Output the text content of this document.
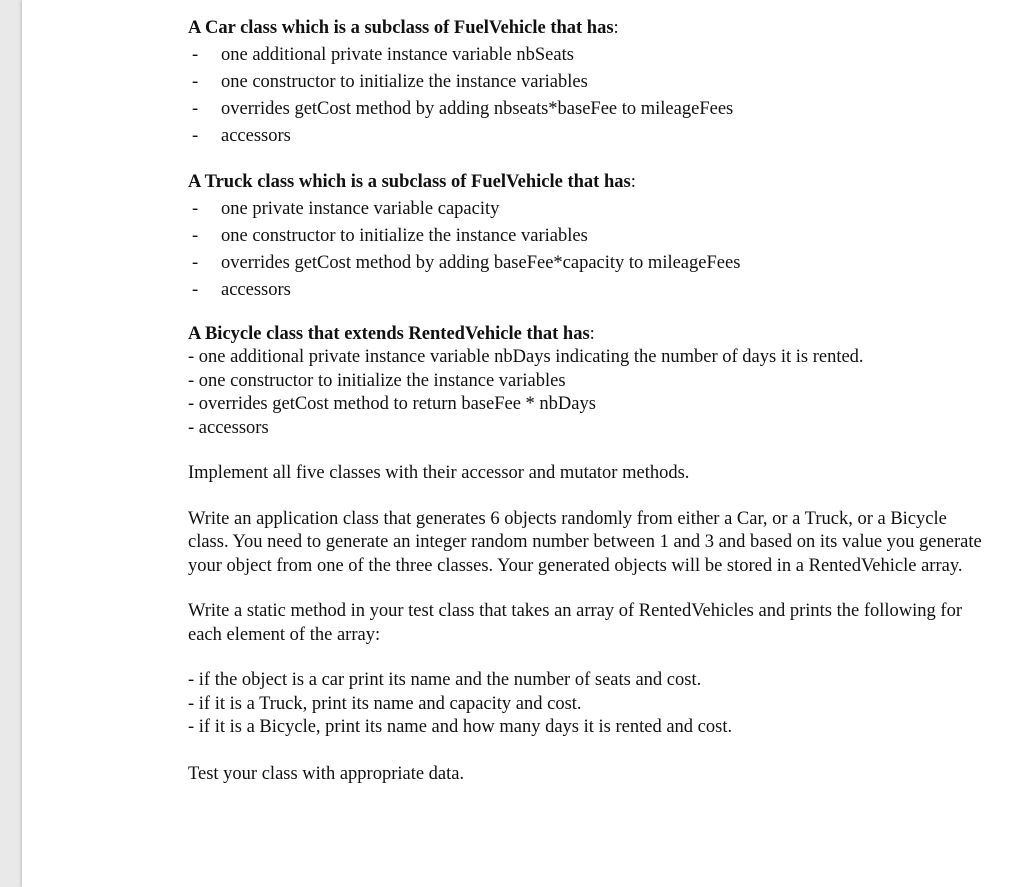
A Car class which is a subclass of FuelVehicle that has:

- one additional private instance variable nbSeats
- one constructor to initialize the instance variables
- overrides getCost method by adding nbseats*baseFee to mileageFees
- accessors

A Truck class which is a subclass of FuelVehicle that has:

- one private instance variable capacity
- one constructor to initialize the instance variables
- overrides getCost method by adding baseFee*capacity to mileageFees
- accessors

A Bicycle class that extends RentedVehicle that has:

- one additional private instance variable nbDays indicating the number of days it is rented.
- one constructor to initialize the instance variables
- overrides getCost method to return baseFee * nbDays
- accessors

Implement all five classes with their accessor and mutator methods.

Write an application class that generates 6 objects randomly from either a Car, or a Truck, or a Bicycle class. You need to generate an integer random number between 1 and 3 and based on its value you generate your object from one of the three classes. Your generated objects will be stored in a RentedVehicle array.

Write a static method in your test class that takes an array of RentedVehicles and prints the following for each element of the array:

- if the object is a car print its name and the number of seats and cost.
- if it is a Truck, print its name and capacity and cost.
- if it is a Bicycle, print its name and how many days it is rented and cost.

Test your class with appropriate data.
